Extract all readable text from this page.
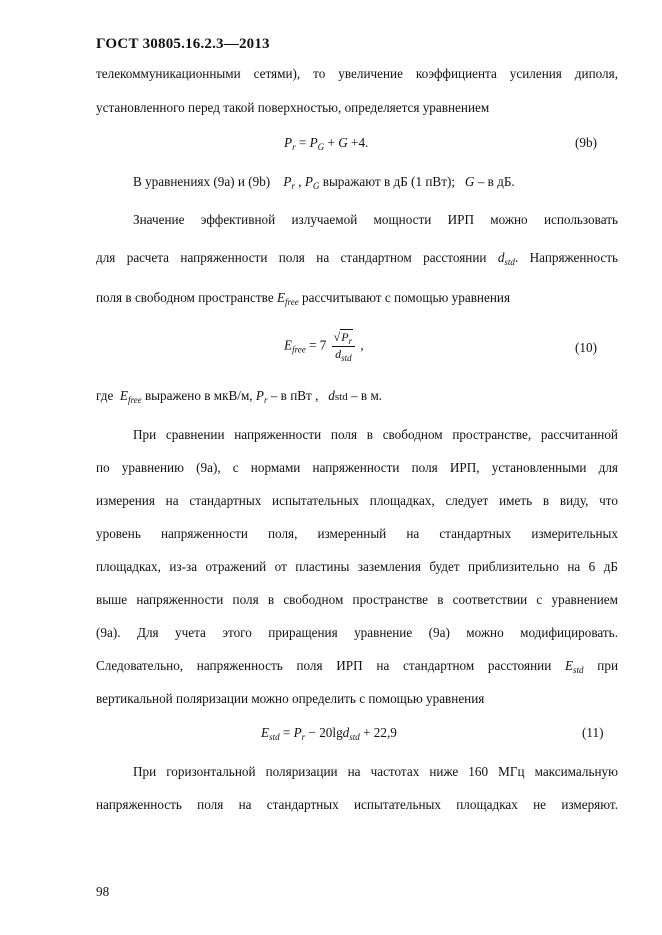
ГОСТ 30805.16.2.3—2013
телекоммуникационными сетями), то увеличение коэффициента усиления диполя,
установленного перед такой поверхностью, определяется уравнением
$P_r = P_G + G +4$.	(9b)
В уравнениях (9а) и (9b) $P_r$ , $P_G$ выражают в дБ (1 пВт); G – в дБ.
Значение эффективной излучаемой мощности ИРП можно использовать
для расчета напряженности поля на стандартном расстоянии $d_{std}$. Напряженность
поля в свободном пространстве $E_{free}$ рассчитывают с помощью уравнения
$E_{free} = 7 \frac{√P_r}{d_{std}}$ ,	(10)
где $E_{free}$ выражено в мкВ/м, $P_r$ – в пВт , dstd – в м.
При сравнении напряженности поля в свободном пространстве, рассчитанной
по уравнению (9а), с нормами напряженности поля ИРП, установленными для
измерения на стандартных испытательных площадках, следует иметь в виду, что
уровень напряженности поля, измеренный на стандартных измерительных
площадках, из-за отражений от пластины заземления будет приблизительно на 6 дБ
выше напряженности поля в свободном пространстве в соответствии с уравнением
(9а). Для учета этого приращения уравнение (9а) можно модифицировать.
Следовательно, напряженность поля ИРП на стандартном расстоянии $E_{std}$ при
вертикальной поляризации можно определить с помощью уравнения
$E_{std} = P_r - 20\lg d_{std} + 22,9$	(11)
При горизонтальной поляризации на частотах ниже 160 МГц максимальную
напряженность поля на стандартных испытательных площадках не измеряют.
98
